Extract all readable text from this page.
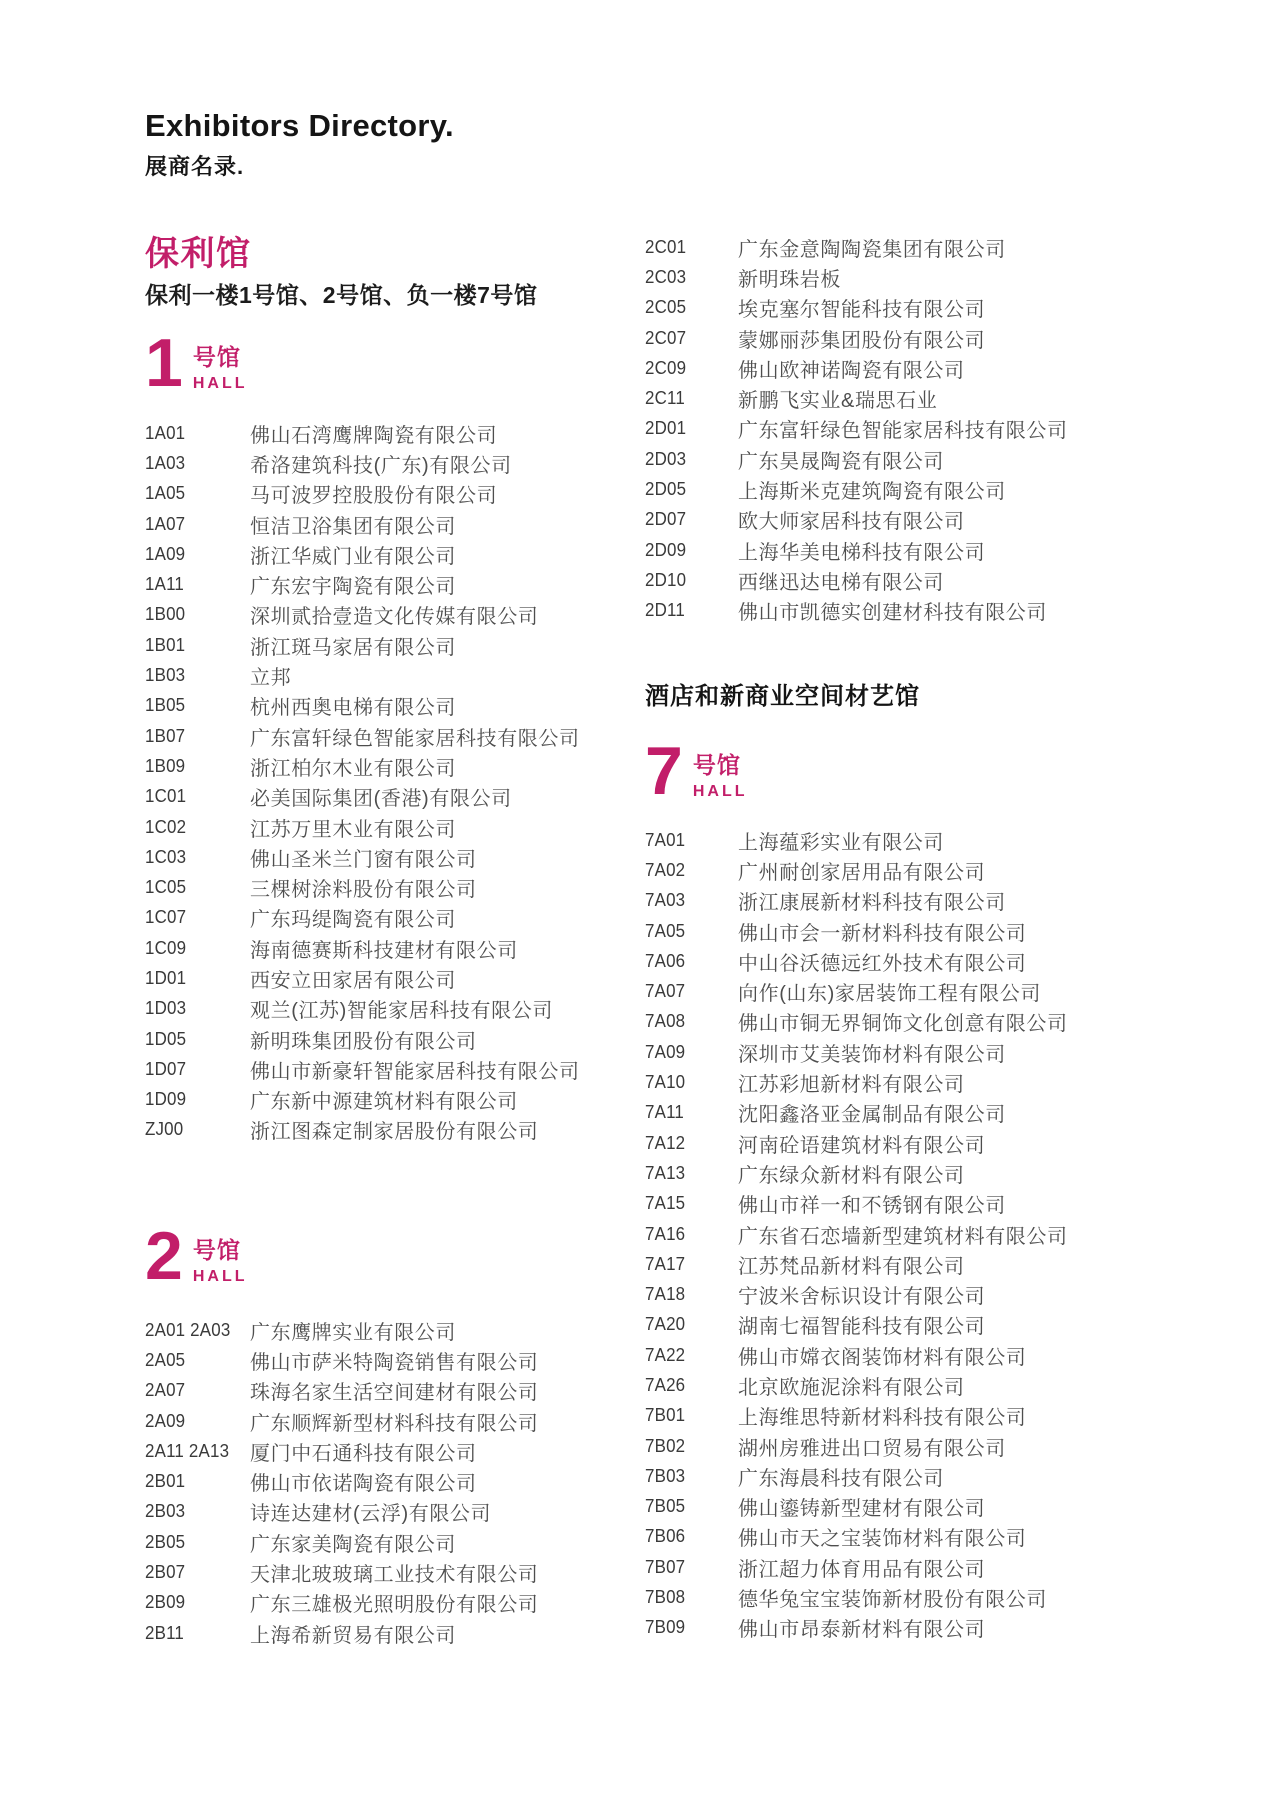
Exhibitors Directory.
展商名录.
保利馆
保利一楼1号馆、2号馆、负一楼7号馆
1 号馆
HALL
1A01	佛山石湾鹰牌陶瓷有限公司
1A03	希洛建筑科技(广东)有限公司
1A05	马可波罗控股股份有限公司
1A07	恒洁卫浴集团有限公司
1A09	浙江华威门业有限公司
1A11	广东宏宇陶瓷有限公司
1B00	深圳贰拾壹造文化传媒有限公司
1B01	浙江斑马家居有限公司
1B03	立邦
1B05	杭州西奥电梯有限公司
1B07	广东富轩绿色智能家居科技有限公司
1B09	浙江柏尔木业有限公司
1C01	必美国际集团(香港)有限公司
1C02	江苏万里木业有限公司
1C03	佛山圣米兰门窗有限公司
1C05	三棵树涂料股份有限公司
1C07	广东玛缇陶瓷有限公司
1C09	海南德赛斯科技建材有限公司
1D01	西安立田家居有限公司
1D03	观兰(江苏)智能家居科技有限公司
1D05	新明珠集团股份有限公司
1D07	佛山市新豪轩智能家居科技有限公司
1D09	广东新中源建筑材料有限公司
ZJ00	浙江图森定制家居股份有限公司
2 号馆
HALL
2A01 2A03 广东鹰牌实业有限公司
2A05	佛山市萨米特陶瓷销售有限公司
2A07	珠海名家生活空间建材有限公司
2A09	广东顺辉新型材料科技有限公司
2A11 2A13	厦门中石通科技有限公司
2B01	佛山市依诺陶瓷有限公司
2B03	诗连达建材(云浮)有限公司
2B05	广东家美陶瓷有限公司
2B07	天津北玻玻璃工业技术有限公司
2B09	广东三雄极光照明股份有限公司
2B11	上海希新贸易有限公司
2C01	广东金意陶陶瓷集团有限公司
2C03	新明珠岩板
2C05	埃克塞尔智能科技有限公司
2C07	蒙娜丽莎集团股份有限公司
2C09	佛山欧神诺陶瓷有限公司
2C11	新鹏飞实业&瑞思石业
2D01	广东富轩绿色智能家居科技有限公司
2D03	广东昊晟陶瓷有限公司
2D05	上海斯米克建筑陶瓷有限公司
2D07	欧大师家居科技有限公司
2D09	上海华美电梯科技有限公司
2D10	西继迅达电梯有限公司
2D11	佛山市凯德实创建材科技有限公司
酒店和新商业空间材艺馆
7 号馆
HALL
7A01	上海蕴彩实业有限公司
7A02	广州耐创家居用品有限公司
7A03	浙江康展新材料科技有限公司
7A05	佛山市会一新材料科技有限公司
7A06	中山谷沃德远红外技术有限公司
7A07	向作(山东)家居装饰工程有限公司
7A08	佛山市铜无界铜饰文化创意有限公司
7A09	深圳市艾美装饰材料有限公司
7A10	江苏彩旭新材料有限公司
7A11	沈阳鑫洛亚金属制品有限公司
7A12	河南砼语建筑材料有限公司
7A13	广东绿众新材料有限公司
7A15	佛山市祥一和不锈钢有限公司
7A16	广东省石恋墙新型建筑材料有限公司
7A17	江苏梵品新材料有限公司
7A18	宁波米舍标识设计有限公司
7A20	湖南七福智能科技有限公司
7A22	佛山市嫦衣阁装饰材料有限公司
7A26	北京欧施泥涂料有限公司
7B01	上海维思特新材料科技有限公司
7B02	湖州房雅进出口贸易有限公司
7B03	广东海晨科技有限公司
7B05	佛山鎏铸新型建材有限公司
7B06	佛山市天之宝装饰材料有限公司
7B07	浙江超力体育用品有限公司
7B08	德华兔宝宝装饰新材股份有限公司
7B09	佛山市昂泰新材料有限公司
